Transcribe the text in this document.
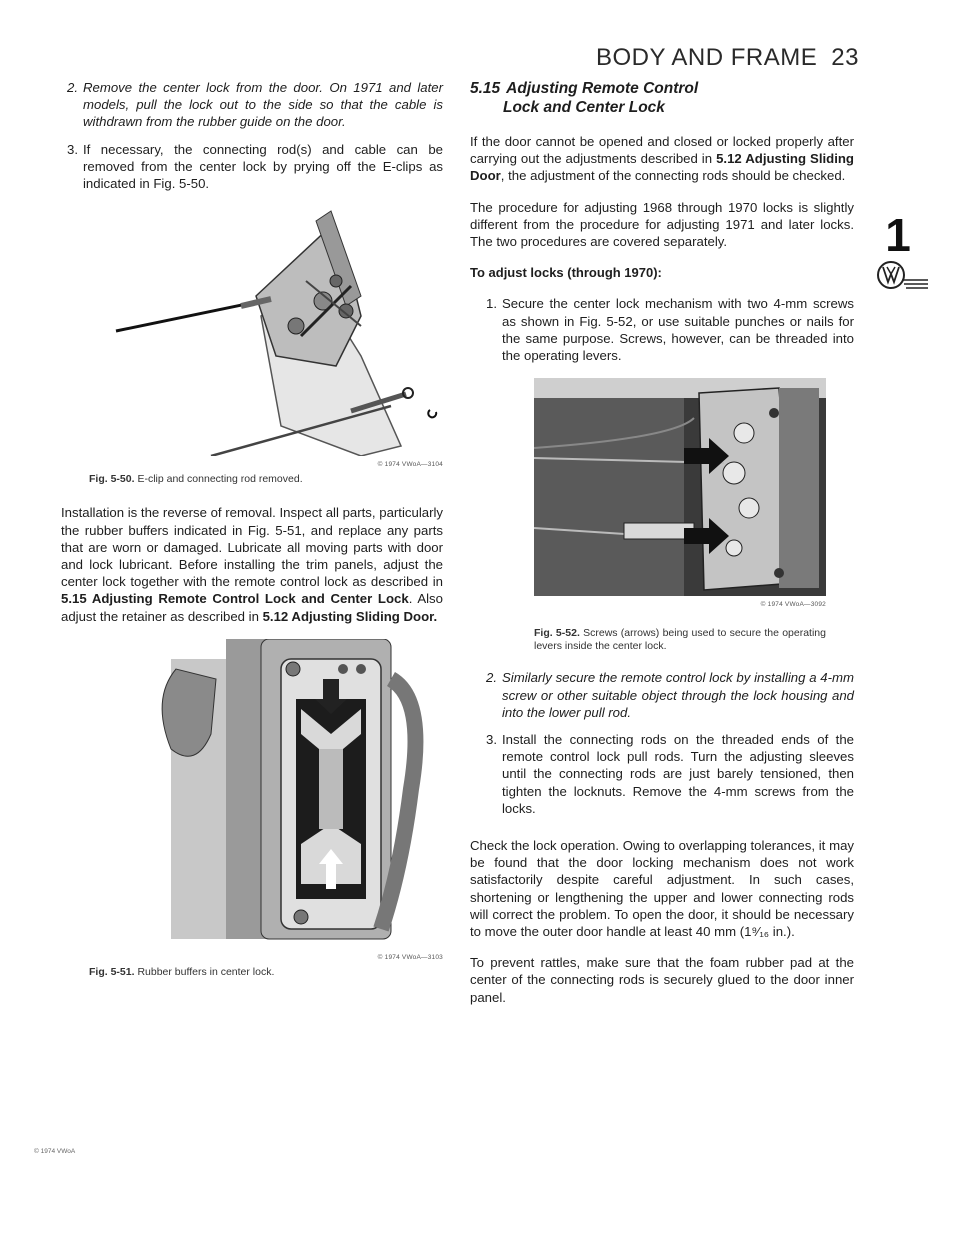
BODY AND FRAME 23
1
2. Remove the center lock from the door. On 1971 and later models, pull the lock out to the side so that the cable is withdrawn from the rubber guide on the door.
3. If necessary, the connecting rod(s) and cable can be removed from the center lock by prying off the E-clips as indicated in Fig. 5-50.
© 1974 VWoA—3104

Fig. 5-50. E-clip and connecting rod removed.

Installation is the reverse of removal. Inspect all parts, particularly the rubber buffers indicated in Fig. 5-51, and replace any parts that are worn or damaged. Lubricate all moving parts with door and lock lubricant. Before installing the trim panels, adjust the center lock together with the remote control lock as described in 5.15 Adjusting Remote Control Lock and Center Lock. Also adjust the retainer as described in 5.12 Adjusting Sliding Door.

© 1974 VWoA—3103

Fig. 5-51. Rubber buffers in center lock.

5.15 Adjusting Remote Control
Lock and Center Lock

If the door cannot be opened and closed or locked properly after carrying out the adjustments described in 5.12 Adjusting Sliding Door, the adjustment of the connecting rods should be checked.

The procedure for adjusting 1968 through 1970 locks is slightly different from the procedure for adjusting 1971 and later locks. The two procedures are covered separately.

To adjust locks (through 1970):

1. Secure the center lock mechanism with two 4-mm screws as shown in Fig. 5-52, or use suitable punches or nails for the same purpose. Screws, however, can be threaded into the operating levers.
© 1974 VWoA—3092

Fig. 5-52. Screws (arrows) being used to secure the operating levers inside the center lock.

2. Similarly secure the remote control lock by installing a 4-mm screw or other suitable object through the lock housing and into the lower pull rod.
3. Install the connecting rods on the threaded ends of the remote control lock pull rods. Turn the adjusting sleeves until the connecting rods are just barely tensioned, then tighten the locknuts. Remove the 4-mm screws from the locks.

Check the lock operation. Owing to overlapping tolerances, it may be found that the door locking mechanism does not work satisfactorily despite careful adjustment. In such cases, shortening or lengthening the upper and lower connecting rods will correct the problem. To open the door, it should be necessary to move the outer door handle at least 40 mm (1⁹⁄₁₆ in.).

To prevent rattles, make sure that the foam rubber pad at the center of the connecting rods is securely glued to the door inner panel.

© 1974 VWoA
